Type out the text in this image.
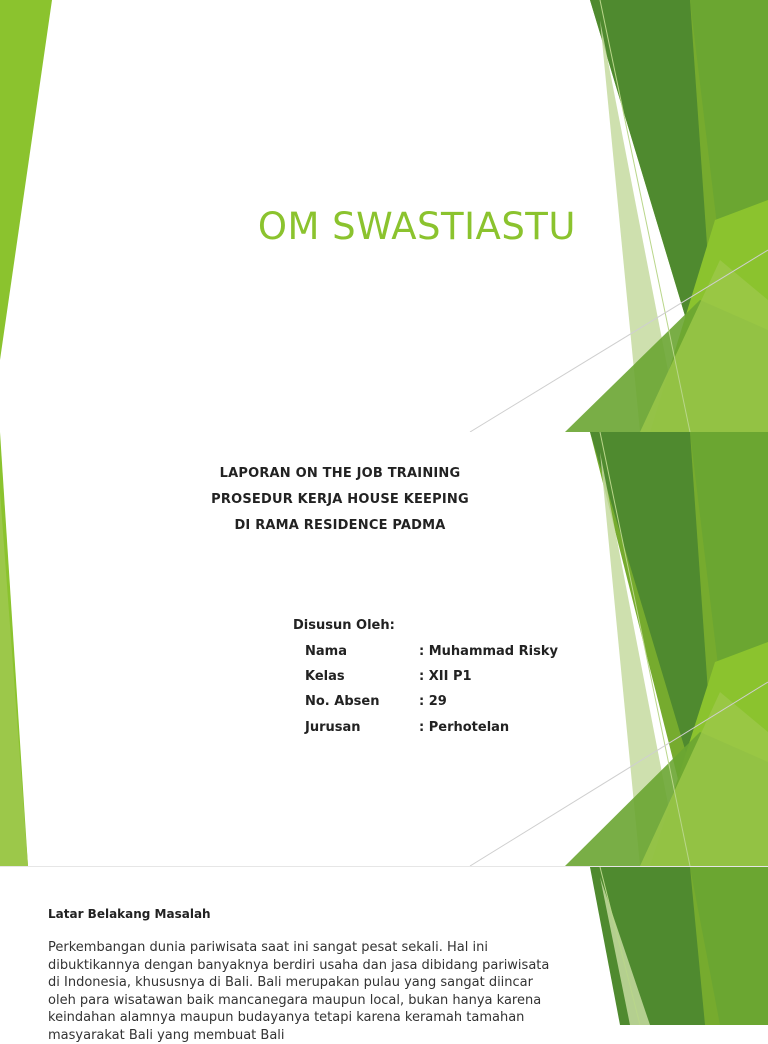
OM SWASTIASTU
LAPORAN ON THE JOB TRAINING
PROSEDUR KERJA HOUSE KEEPING
DI RAMA RESIDENCE PADMA
Disusun Oleh:
Nama	: Muhammad Risky
Kelas	: XII P1
No. Absen	: 29
Jurusan	: Perhotelan
Latar Belakang Masalah
Perkembangan dunia pariwisata saat ini sangat pesat sekali. Hal ini dibuktikannya dengan banyaknya berdiri usaha dan jasa dibidang pariwisata di Indonesia, khususnya di Bali. Bali merupakan pulau yang sangat diincar oleh para wisatawan baik mancanegara maupun local, bukan hanya karena keindahan alamnya maupun budayanya tetapi karena keramah tamahan masyarakat Bali yang membuat Bali
